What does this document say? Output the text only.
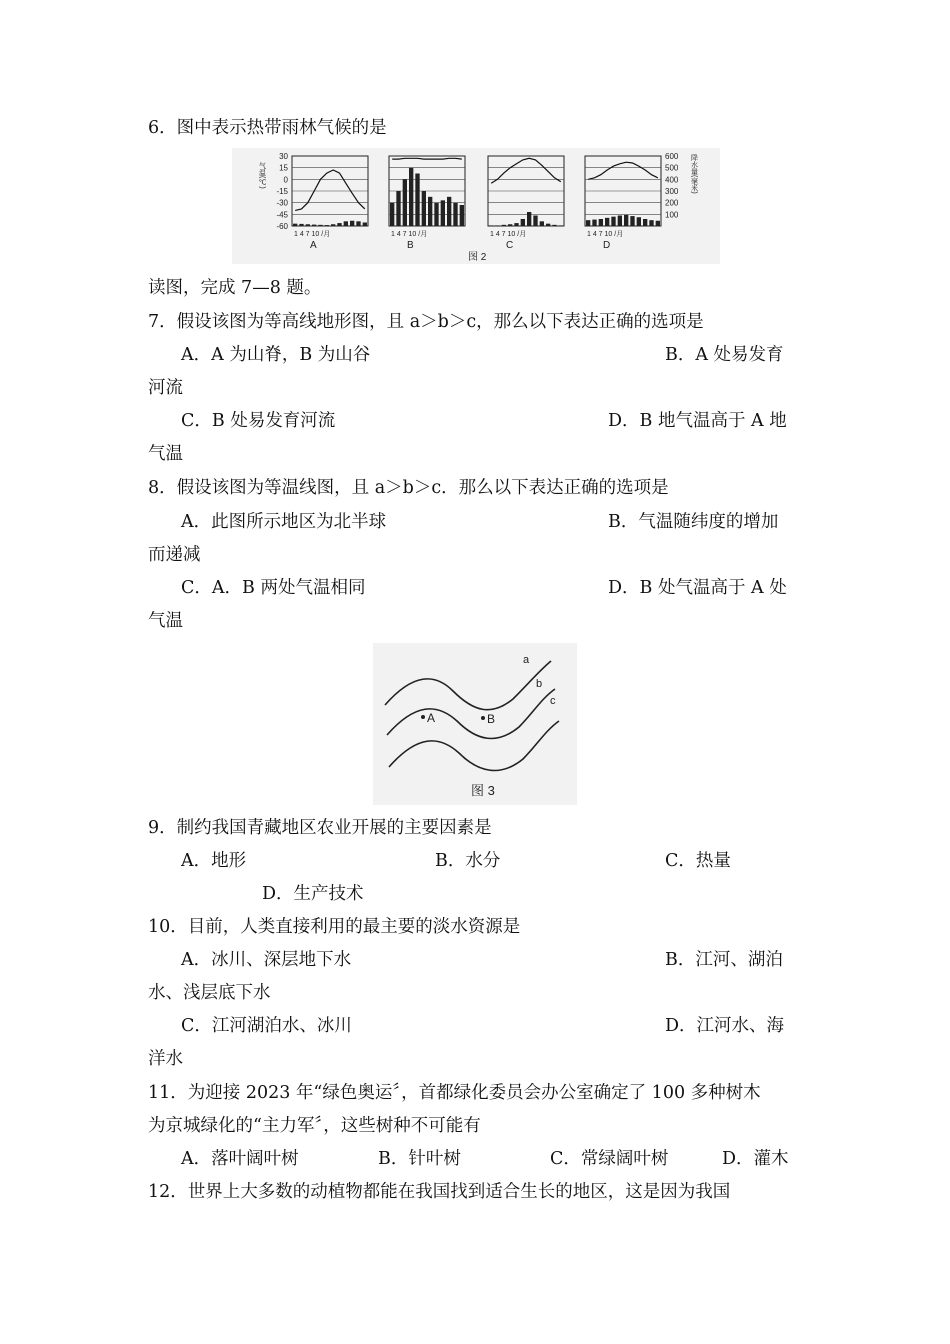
6．图中表示热带雨林气候的是
30
15
0
-15
-30
-45
-60
气温(℃)
600
500
400
300
200
100
降水量(毫米)
1 4 7 10 /月
A
1 4 7 10 /月
B
1 4 7 10 /月
C
1 4 7 10 /月
D
图 2
读图，完成 7—8 题。
7．假设该图为等高线地形图，且 a＞b＞c，那么以下表达正确的选项是
A．A 为山脊，B 为山谷	B．A 处易发育
河流
C．B 处易发育河流	D．B 地气温高于 A 地
气温
8．假设该图为等温线图，且 a＞b＞c．那么以下表达正确的选项是
A．此图所示地区为北半球	B．气温随纬度的增加
而递减
C．A．B 两处气温相同	D．B 处气温高于 A 处
气温
a
b
c
A	B
图 3
9．制约我国青藏地区农业开展的主要因素是
A．地形	B．水分	C．热量
D．生产技术
10．目前，人类直接利用的最主要的淡水资源是
A．冰川、深层地下水	B．江河、湖泊
水、浅层底下水
C．江河湖泊水、冰川	D．江河水、海
洋水
11．为迎接 2023 年“绿色奥运〞，首都绿化委员会办公室确定了 100 多种树木
为京城绿化的“主力军〞，这些树种不可能有
A．落叶阔叶树	B．针叶树	C．常绿阔叶树	D．灌木
12．世界上大多数的动植物都能在我国找到适合生长的地区，这是因为我国
